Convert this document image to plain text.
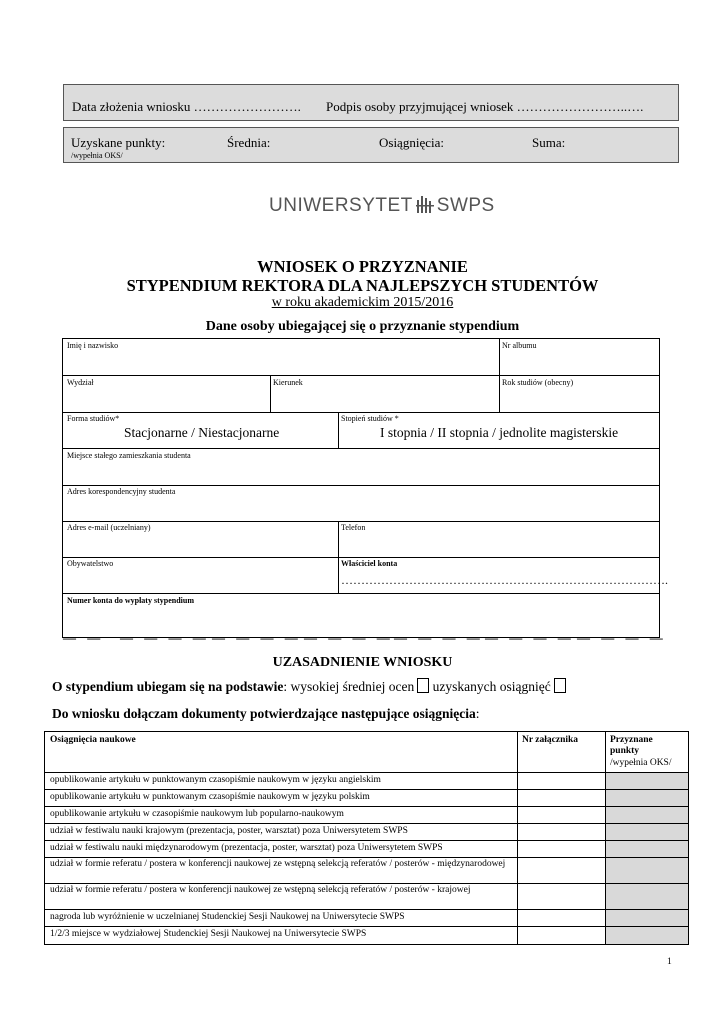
Data złożenia wniosku ……………………. Podpis osoby przyjmującej wniosek ……………………..….
Uzyskane punkty:
/wypełnia OKS/
Średnia:	Osiągnięcia:	Suma:
UNIWERSYTET SWPS
WNIOSEK O PRZYZNANIE
STYPENDIUM REKTORA DLA NAJLEPSZYCH STUDENTÓW
w roku akademickim 2015/2016
Dane osoby ubiegającej się o przyznanie stypendium
Imię i nazwisko	Nr albumu
Wydział	Kierunek	Rok studiów (obecny)
Forma studiów*
Stacjonarne / Niestacjonarne
Stopień studiów *
I stopnia / II stopnia / jednolite magisterskie
Miejsce stałego zamieszkania studenta
Adres korespondencyjny studenta
Adres e-mail (uczelniany)	Telefon
Obywatelstwo	Właściciel konta
……………………………………………………………………….
Numer konta do wypłaty stypendium
— — — — — — — — — — — — — — — — — — — — — — — — — —
UZASADNIENIE WNIOSKU
O stypendium ubiegam się na podstawie: wysokiej średniej ocen uzyskanych osiągnięć
Do wniosku dołączam dokumenty potwierdzające następujące osiągnięcia:
Osiągnięcia naukowe	Nr załącznika	Przyznane punkty
/wypełnia OKS/
opublikowanie artykułu w punktowanym czasopiśmie naukowym w języku angielskim
opublikowanie artykułu w punktowanym czasopiśmie naukowym w języku polskim
opublikowanie artykułu w czasopiśmie naukowym lub popularno-naukowym
udział w festiwalu nauki krajowym (prezentacja, poster, warsztat) poza Uniwersytetem SWPS
udział w festiwalu nauki międzynarodowym (prezentacja, poster, warsztat) poza Uniwersytetem SWPS
udział w formie referatu / postera w konferencji naukowej ze wstępną selekcją referatów / posterów - międzynarodowej
udział w formie referatu / postera w konferencji naukowej ze wstępną selekcją referatów / posterów - krajowej
nagroda lub wyróżnienie w uczelnianej Studenckiej Sesji Naukowej na Uniwersytecie SWPS
1/2/3 miejsce w wydziałowej Studenckiej Sesji Naukowej na Uniwersytecie SWPS
1
